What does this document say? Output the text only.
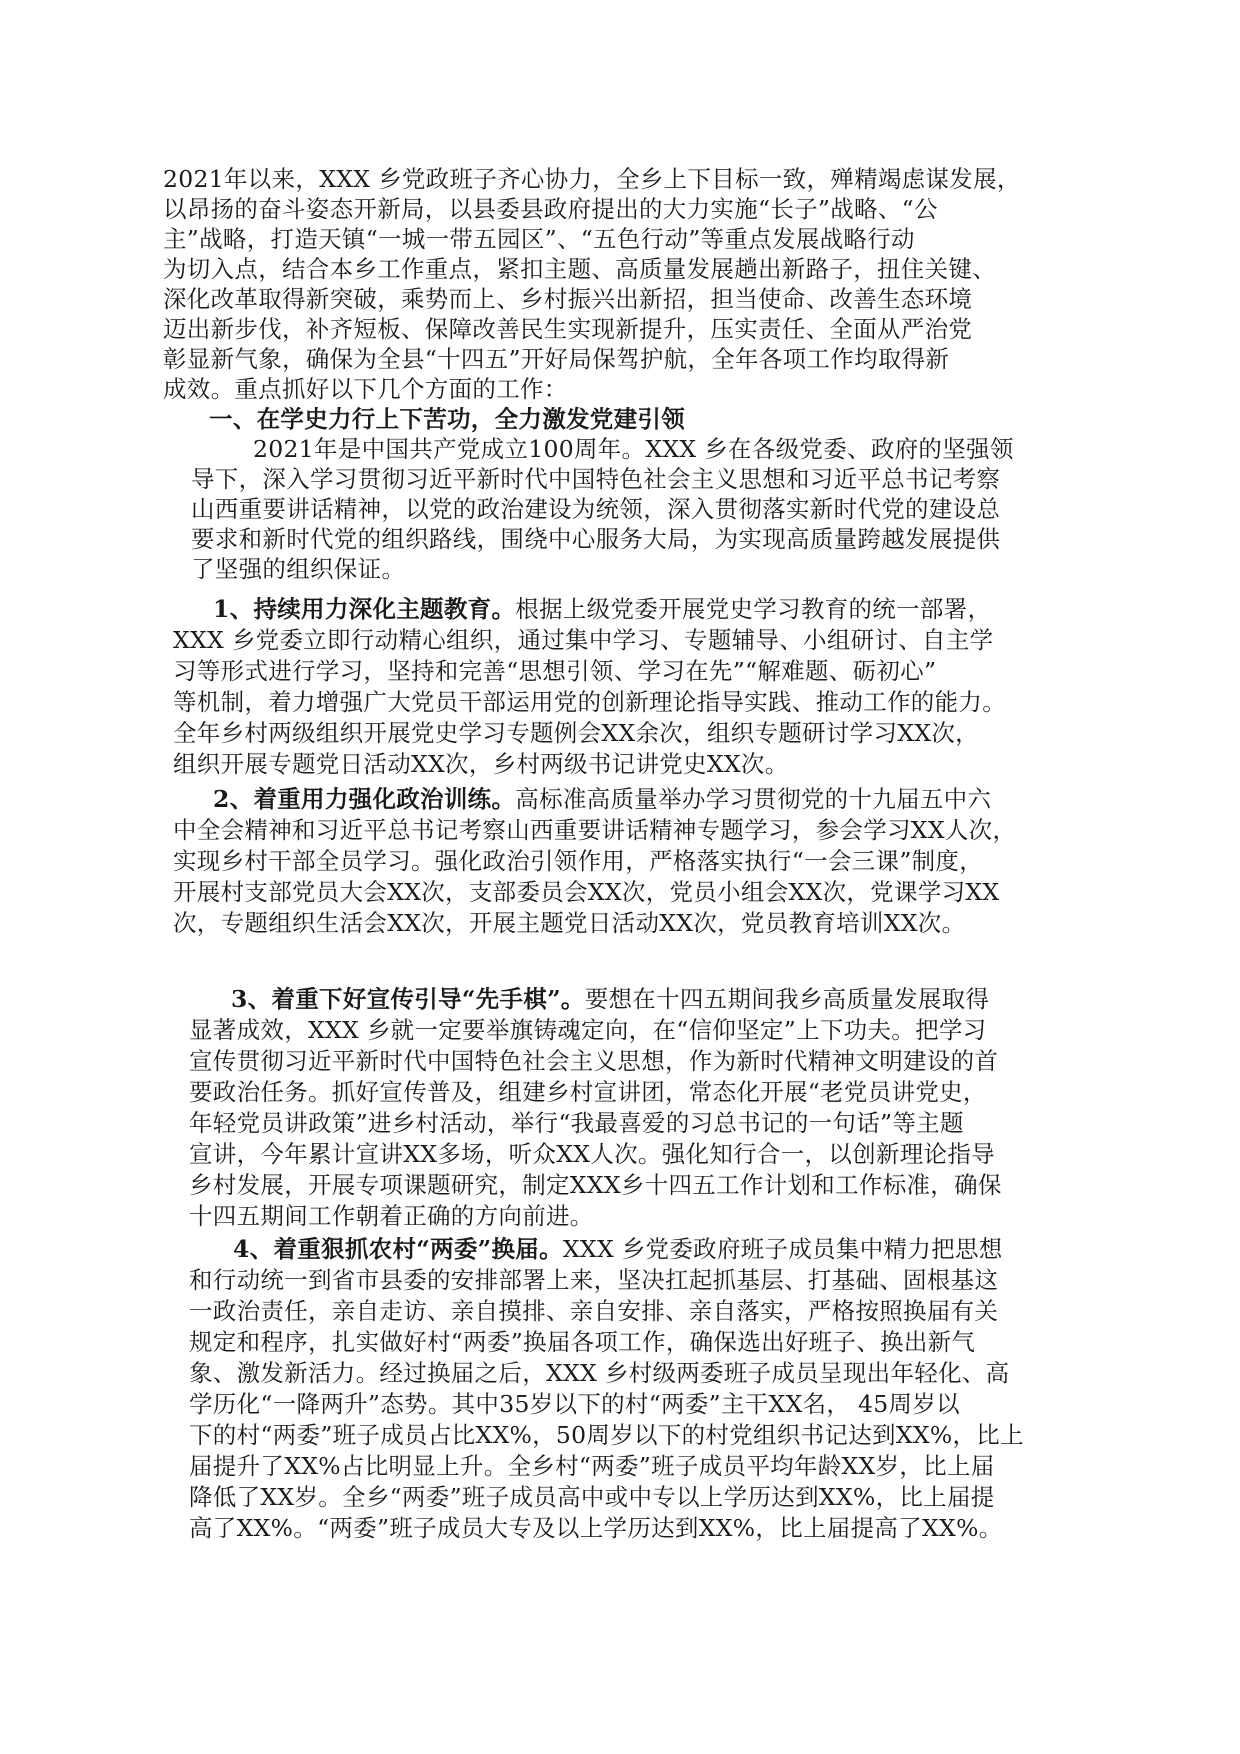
2021年以来，XXX 乡党政班子齐心协力，全乡上下目标一致，殚精竭虑谋发展，
以昂扬的奋斗姿态开新局，以县委县政府提出的大力实施“长子”战略、“公
主”战略，打造天镇“一城一带五园区”、“五色行动”等重点发展战略行动
为切入点，结合本乡工作重点，紧扣主题、高质量发展趟出新路子，扭住关键、
深化改革取得新突破，乘势而上、乡村振兴出新招，担当使命、改善生态环境
迈出新步伐，补齐短板、保障改善民生实现新提升，压实责任、全面从严治党
彰显新气象，确保为全县“十四五”开好局保驾护航，全年各项工作均取得新
成效。重点抓好以下几个方面的工作：
一、在学史力行上下苦功，全力激发党建引领
2021年是中国共产党成立100周年。XXX 乡在各级党委、政府的坚强领
导下，深入学习贯彻习近平新时代中国特色社会主义思想和习近平总书记考察
山西重要讲话精神，以党的政治建设为统领，深入贯彻落实新时代党的建设总
要求和新时代党的组织路线，围绕中心服务大局，为实现高质量跨越发展提供
了坚强的组织保证。
1、持续用力深化主题教育。根据上级党委开展党史学习教育的统一部署，
XXX 乡党委立即行动精心组织，通过集中学习、专题辅导、小组研讨、自主学
习等形式进行学习，坚持和完善“思想引领、学习在先”“解难题、砺初心”
等机制，着力增强广大党员干部运用党的创新理论指导实践、推动工作的能力。
全年乡村两级组织开展党史学习专题例会XX余次，组织专题研讨学习XX次，
组织开展专题党日活动XX次，乡村两级书记讲党史XX次。
2、着重用力强化政治训练。高标准高质量举办学习贯彻党的十九届五中六
中全会精神和习近平总书记考察山西重要讲话精神专题学习，参会学习XX人次，
实现乡村干部全员学习。强化政治引领作用，严格落实执行“一会三课”制度，
开展村支部党员大会XX次，支部委员会XX次，党员小组会XX次，党课学习XX
次，专题组织生活会XX次，开展主题党日活动XX次，党员教育培训XX次。
3、着重下好宣传引导“先手棋”。要想在十四五期间我乡高质量发展取得
显著成效，XXX 乡就一定要举旗铸魂定向，在“信仰坚定”上下功夫。把学习
宣传贯彻习近平新时代中国特色社会主义思想，作为新时代精神文明建设的首
要政治任务。抓好宣传普及，组建乡村宣讲团，常态化开展“老党员讲党史，
年轻党员讲政策”进乡村活动，举行“我最喜爱的习总书记的一句话”等主题
宣讲，今年累计宣讲XX多场，听众XX人次。强化知行合一，以创新理论指导
乡村发展，开展专项课题研究，制定XXX乡十四五工作计划和工作标准，确保
十四五期间工作朝着正确的方向前进。
4、着重狠抓农村“两委”换届。XXX 乡党委政府班子成员集中精力把思想
和行动统一到省市县委的安排部署上来，坚决扛起抓基层、打基础、固根基这
一政治责任，亲自走访、亲自摸排、亲自安排、亲自落实，严格按照换届有关
规定和程序，扎实做好村“两委”换届各项工作，确保选出好班子、换出新气
象、激发新活力。经过换届之后，XXX 乡村级两委班子成员呈现出年轻化、高
学历化“一降两升”态势。其中35岁以下的村“两委”主干XX名， 45周岁以
下的村“两委”班子成员占比XX%，50周岁以下的村党组织书记达到XX%，比上
届提升了XX%占比明显上升。全乡村“两委”班子成员平均年龄XX岁，比上届
降低了XX岁。全乡“两委”班子成员高中或中专以上学历达到XX%，比上届提
高了XX%。“两委”班子成员大专及以上学历达到XX%，比上届提高了XX%。
